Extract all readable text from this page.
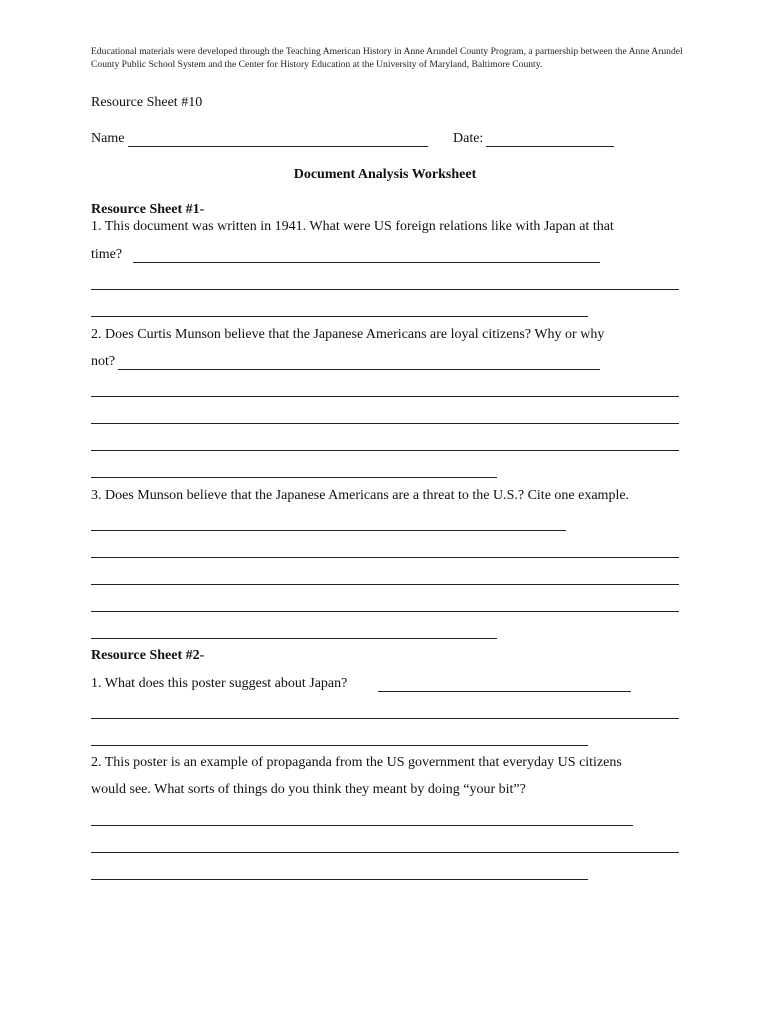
Educational materials were developed through the Teaching American History in Anne Arundel County Program, a partnership between the Anne Arundel County Public School System and the Center for History Education at the University of Maryland, Baltimore County.
Resource Sheet #10
Name	Date:
Document Analysis Worksheet
Resource Sheet #1-
1. This document was written in 1941. What were US foreign relations like with Japan at that
time?
2. Does Curtis Munson believe that the Japanese Americans are loyal citizens? Why or why
not?
3. Does Munson believe that the Japanese Americans are a threat to the U.S.? Cite one example.
Resource Sheet #2-
1. What does this poster suggest about Japan?
2. This poster is an example of propaganda from the US government that everyday US citizens
would see. What sorts of things do you think they meant by doing “your bit”?
